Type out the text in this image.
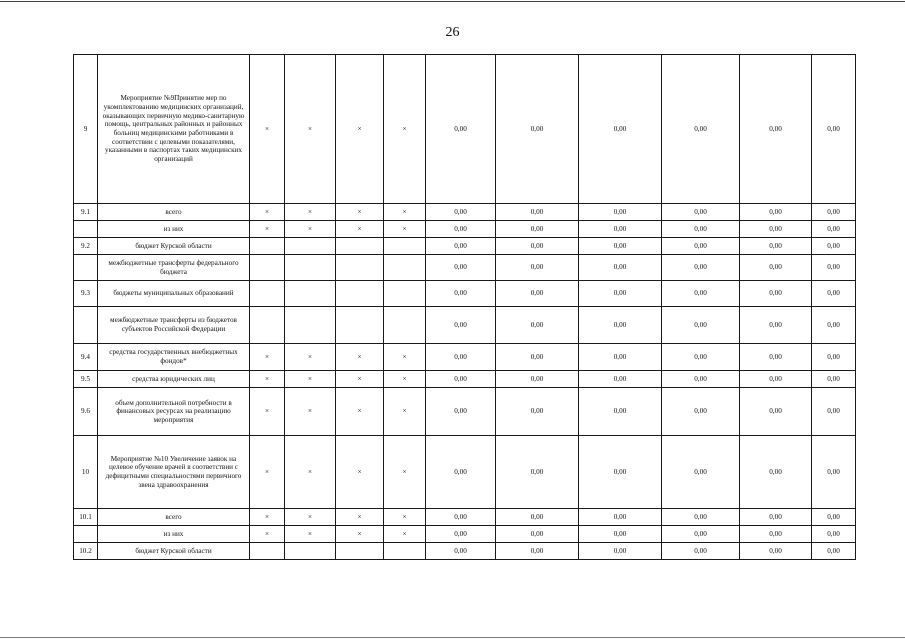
26
9	Мероприятие №9Принятие мер по укомплектованию медицинских организаций, оказывающих первичную медико-санитарную помощь, центральных районных и районных больниц медицинскими работниками в соответствии с целевыми показателями, указанными в паспортах таких медицинских организаций	×	×	×	×	0,00	0,00	0,00	0,00	0,00	0,00
9.1	всего	×	×	×	×	0,00	0,00	0,00	0,00	0,00	0,00
	из них	×	×	×	×	0,00	0,00	0,00	0,00	0,00	0,00
9.2	бюджет Курской области					0,00	0,00	0,00	0,00	0,00	0,00
	межбюджетные трансферты федерального бюджета					0,00	0,00	0,00	0,00	0,00	0,00
9.3	бюджеты муниципальных образований					0,00	0,00	0,00	0,00	0,00	0,00
	межбюджетные трансферты из бюджетов субъектов Российской Федерации					0,00	0,00	0,00	0,00	0,00	0,00
9.4	средства государственных внебюджетных фондов*	×	×	×	×	0,00	0,00	0,00	0,00	0,00	0,00
9.5	средства юридических лиц	×	×	×	×	0,00	0,00	0,00	0,00	0,00	0,00
9.6	объем дополнительной потребности в финансовых ресурсах на реализацию мероприятия	×	×	×	×	0,00	0,00	0,00	0,00	0,00	0,00
10	Мероприятие №10 Увеличение заявок на целевое обучение врачей в соответствии с дефицитными специальностями первичного звена здравоохранения	×	×	×	×	0,00	0,00	0,00	0,00	0,00	0,00
10.1	всего	×	×	×	×	0,00	0,00	0,00	0,00	0,00	0,00
	из них	×	×	×	×	0,00	0,00	0,00	0,00	0,00	0,00
10.2	бюджет Курской области					0,00	0,00	0,00	0,00	0,00	0,00
